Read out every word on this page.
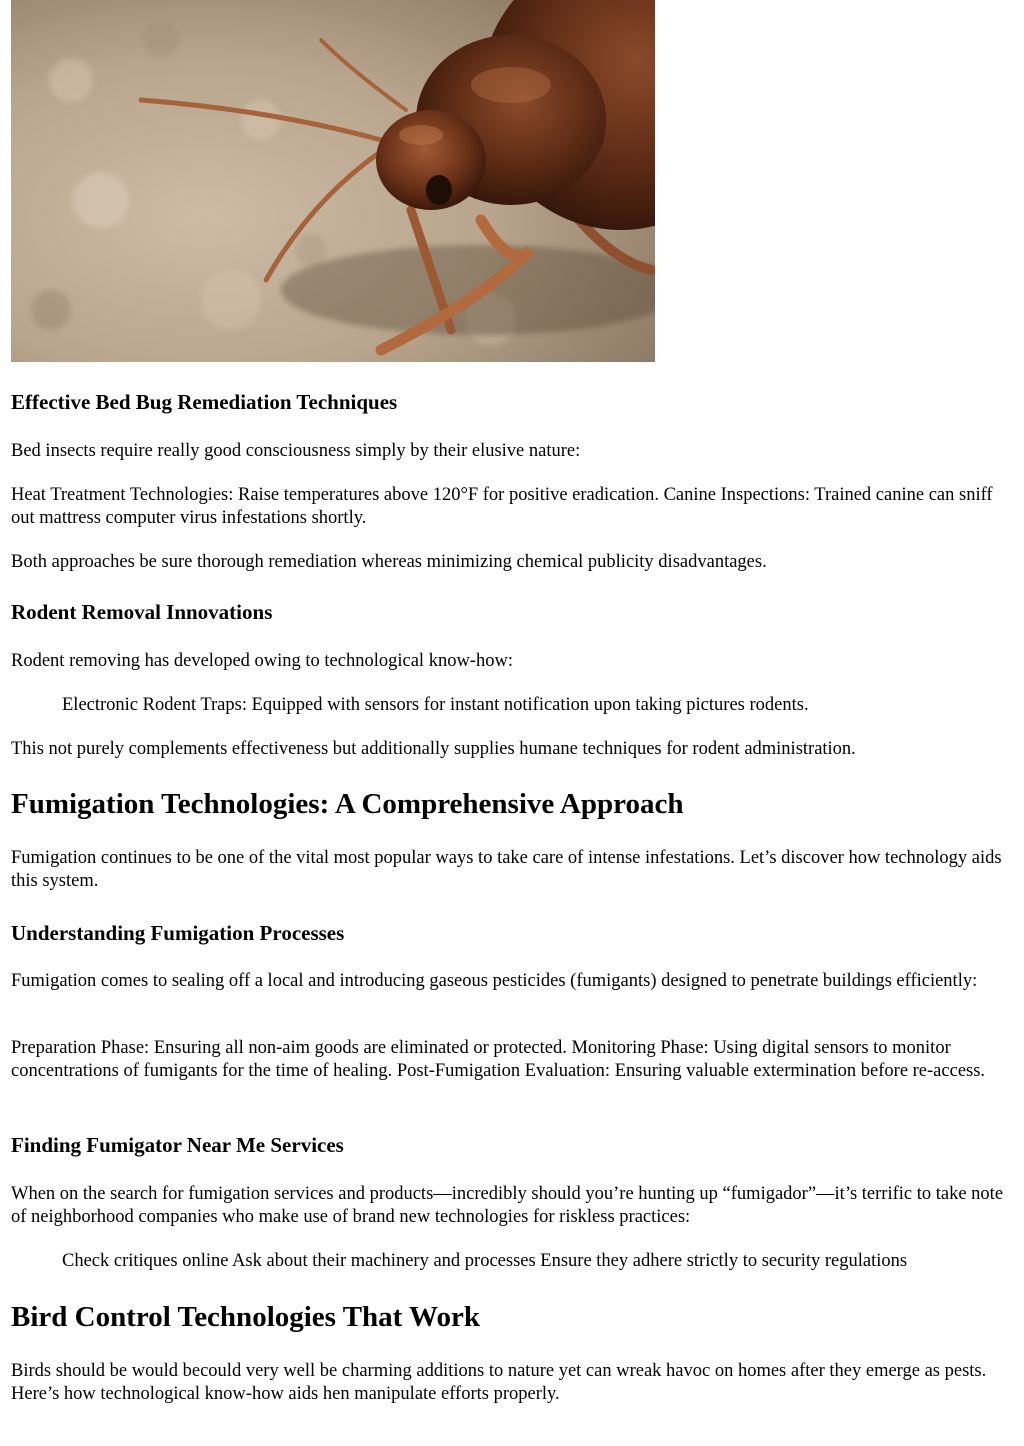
Effective Bed Bug Remediation Techniques

Bed insects require really good consciousness simply by their elusive nature:

Heat Treatment Technologies: Raise temperatures above 120°F for positive eradication. Canine Inspections: Trained canine can sniff out mattress computer virus infestations shortly.

Both approaches be sure thorough remediation whereas minimizing chemical publicity disadvantages.

Rodent Removal Innovations

Rodent removing has developed owing to technological know-how:

Electronic Rodent Traps: Equipped with sensors for instant notification upon taking pictures rodents.

This not purely complements effectiveness but additionally supplies humane techniques for rodent administration.

Fumigation Technologies: A Comprehensive Approach

Fumigation continues to be one of the vital most popular ways to take care of intense infestations. Let’s discover how technology aids this system.

Understanding Fumigation Processes

Fumigation comes to sealing off a local and introducing gaseous pesticides (fumigants) designed to penetrate buildings efficiently:

Preparation Phase: Ensuring all non-aim goods are eliminated or protected. Monitoring Phase: Using digital sensors to monitor concentrations of fumigants for the time of healing. Post-Fumigation Evaluation: Ensuring valuable extermination before re-access.

Finding Fumigator Near Me Services

When on the search for fumigation services and products—incredibly should you’re hunting up “fumigador”—it’s terrific to take note of neighborhood companies who make use of brand new technologies for riskless practices:

Check critiques online Ask about their machinery and processes Ensure they adhere strictly to security regulations

Bird Control Technologies That Work

Birds should be would becould very well be charming additions to nature yet can wreak havoc on homes after they emerge as pests. Here’s how technological know-how aids hen manipulate efforts properly.
